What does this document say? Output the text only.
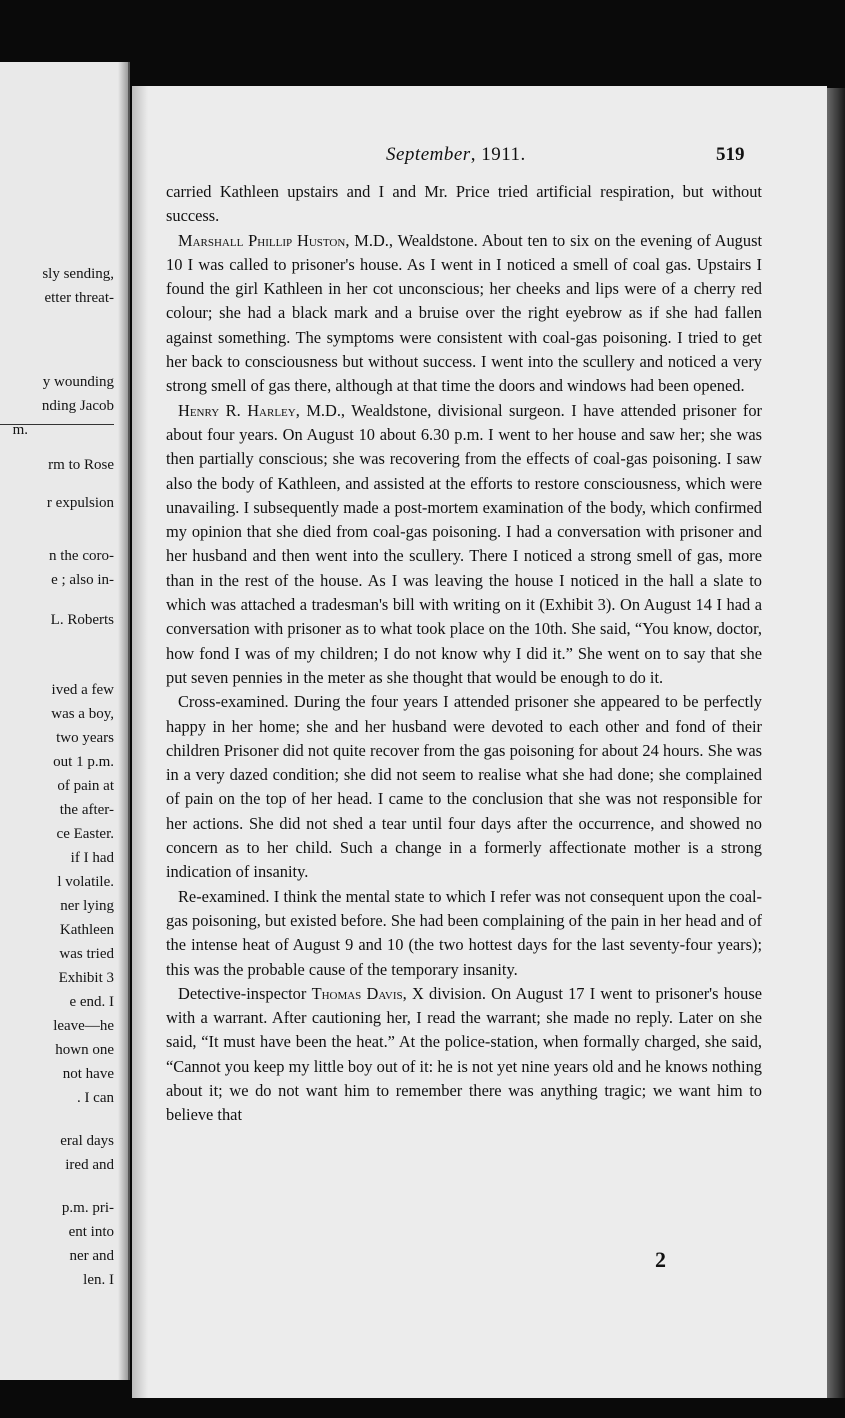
sly sending,
etter threat-
y wounding
nding Jacob
m.
rm to Rose
r expulsion
n the coro-
e ; also in-
L. Roberts
ived a few
was a boy,
two years
out 1 p.m.
of pain at
the after-
ce Easter.
if I had
l volatile.
ner lying
Kathleen
was tried
Exhibit 3
e end. I
leave—he
hown one
not have
. I can
eral days
ired and
p.m. pri-
ent into
ner and
len. I
September, 1911.	519

carried Kathleen upstairs and I and Mr. Price tried artificial respiration, but without success.

Marshall Phillip Huston, M.D., Wealdstone. About ten to six on the evening of August 10 I was called to prisoner's house. As I went in I noticed a smell of coal gas. Upstairs I found the girl Kathleen in her cot unconscious; her cheeks and lips were of a cherry red colour; she had a black mark and a bruise over the right eyebrow as if she had fallen against something. The symptoms were consistent with coal-gas poisoning. I tried to get her back to consciousness but without success. I went into the scullery and noticed a very strong smell of gas there, although at that time the doors and windows had been opened.

Henry R. Harley, M.D., Wealdstone, divisional surgeon. I have attended prisoner for about four years. On August 10 about 6.30 p.m. I went to her house and saw her; she was then partially conscious; she was recovering from the effects of coal-gas poisoning. I saw also the body of Kathleen, and assisted at the efforts to restore consciousness, which were unavailing. I subsequently made a post-mortem examination of the body, which confirmed my opinion that she died from coal-gas poisoning. I had a conversation with prisoner and her husband and then went into the scullery. There I noticed a strong smell of gas, more than in the rest of the house. As I was leaving the house I noticed in the hall a slate to which was attached a tradesman's bill with writing on it (Exhibit 3). On August 14 I had a conversation with prisoner as to what took place on the 10th. She said, “You know, doctor, how fond I was of my children; I do not know why I did it.” She went on to say that she put seven pennies in the meter as she thought that would be enough to do it.

Cross-examined. During the four years I attended prisoner she appeared to be perfectly happy in her home; she and her husband were devoted to each other and fond of their children Prisoner did not quite recover from the gas poisoning for about 24 hours. She was in a very dazed condition; she did not seem to realise what she had done; she complained of pain on the top of her head. I came to the conclusion that she was not responsible for her actions. She did not shed a tear until four days after the occurrence, and showed no concern as to her child. Such a change in a formerly affectionate mother is a strong indication of insanity.

Re-examined. I think the mental state to which I refer was not consequent upon the coal-gas poisoning, but existed before. She had been complaining of the pain in her head and of the intense heat of August 9 and 10 (the two hottest days for the last seventy-four years); this was the probable cause of the temporary insanity.

Detective-inspector Thomas Davis, X division. On August 17 I went to prisoner's house with a warrant. After cautioning her, I read the warrant; she made no reply. Later on she said, “It must have been the heat.” At the police-station, when formally charged, she said, “Cannot you keep my little boy out of it: he is not yet nine years old and he knows nothing about it; we do not want him to remember there was anything tragic; we want him to believe that

2
